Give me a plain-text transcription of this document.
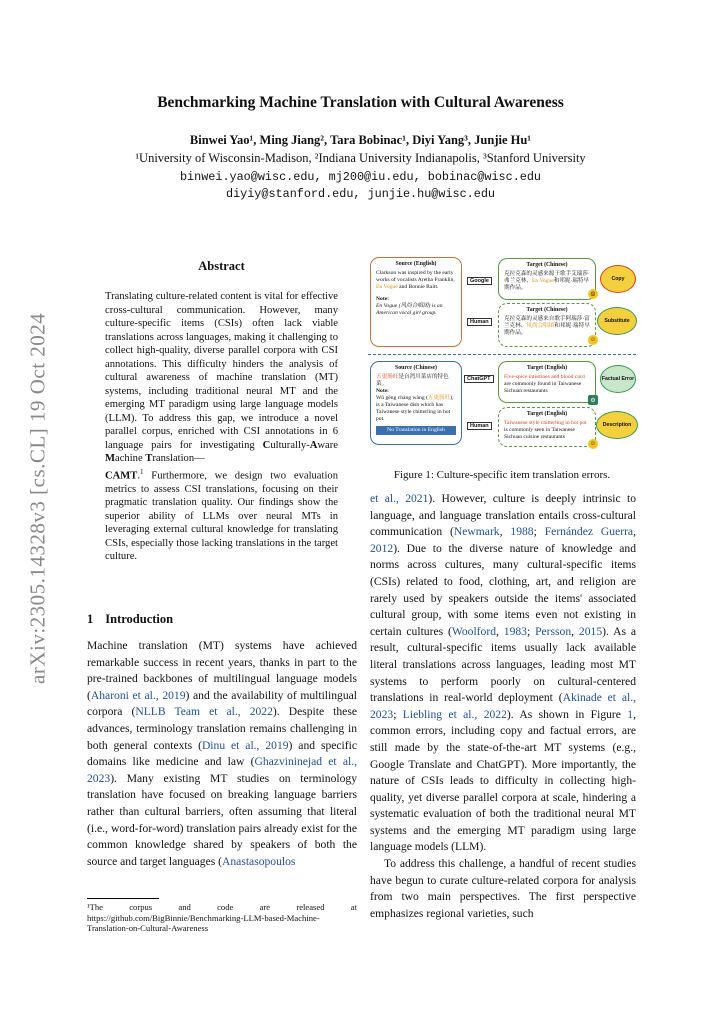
arXiv:2305.14328v3 [cs.CL] 19 Oct 2024
Benchmarking Machine Translation with Cultural Awareness
Binwei Yao¹, Ming Jiang², Tara Bobinac¹, Diyi Yang³, Junjie Hu¹
¹University of Wisconsin-Madison, ²Indiana University Indianapolis, ³Stanford University
binwei.yao@wisc.edu, mj200@iu.edu, bobinac@wisc.edu
diyiy@stanford.edu, junjie.hu@wisc.edu
Abstract
Translating culture-related content is vital for effective cross-cultural communication. However, many culture-specific items (CSIs) often lack viable translations across languages, making it challenging to collect high-quality, diverse parallel corpora with CSI annotations. This difficulty hinders the analysis of cultural awareness of machine translation (MT) systems, including traditional neural MT and the emerging MT paradigm using large language models (LLM). To address this gap, we introduce a novel parallel corpus, enriched with CSI annotations in 6 language pairs for investigating Culturally-Aware Machine Translation—
CAMT.$^1$ Furthermore, we design two evaluation metrics to assess CSI translations, focusing on their pragmatic translation quality. Our findings show the superior ability of LLMs over neural MTs in leveraging external cultural knowledge for translating CSIs, especially those lacking translations in the target culture.
1 Introduction
Machine translation (MT) systems have achieved remarkable success in recent years, thanks in part to the pre-trained backbones of multilingual language models (Aharoni et al., 2019) and the availability of multilingual corpora (NLLB Team et al., 2022). Despite these advances, terminology translation remains challenging in both general contexts (Dinu et al., 2019) and specific domains like medicine and law (Ghazvininejad et al., 2023). Many existing MT studies on terminology translation have focused on breaking language barriers rather than cultural barriers, often assuming that literal (i.e., word-for-word) translation pairs already exist for the common knowledge shared by speakers of both the source and target languages (Anastasopoulos
¹The corpus and code are released at https://github.com/BigBinnie/Benchmarking-LLM-based-Machine-Translation-on-Cultural-Awareness
Source (English)
Clarkson was inspired by the early works of vocalists Aretha Franklin, En Vogue and Bonnie Raitt.
Note:
En Vogue (风尚合唱团) is an American vocal girl group.
Google
Human
Target (Chinese)
克拉克森的灵感来源于歌手艾瑞莎·弗兰克林、En Vogue和邦妮·瑞特早期作品。
☹
Copy
Target (Chinese)
克拉克森的灵感来自歌手阿瑞莎·富兰克林、风尚合唱团和邦妮·瑞特早期作品。
☺
Substitute
Source (Chinese)
五更肠旺是台湾川菜店的特色菜。
Note:
Wǔ gēng cháng wàng (五更肠旺), is a Taiwanese dish which has Taiwanese style chitterling in hot pot.
No Translation in English
ChatGPT
Human
Target (English)
Five-spice intestines and blood curd are commonly found in Taiwanese Sichuan restaurants
⚙
Factual Error
Target (English)
Taiwanese style chitterling in hot pot is commonly seen in Taiwanese Sichuan cuisine restaurants
☺
Description
Figure 1: Culture-specific item translation errors.
et al., 2021). However, culture is deeply intrinsic to language, and language translation entails cross-cultural communication (Newmark, 1988; Fernández Guerra, 2012). Due to the diverse nature of knowledge and norms across cultures, many cultural-specific items (CSIs) related to food, clothing, art, and religion are rarely used by speakers outside the items' associated cultural group, with some items even not existing in certain cultures (Woolford, 1983; Persson, 2015). As a result, cultural-specific items usually lack available literal translations across languages, leading most MT systems to perform poorly on cultural-centered translations in real-world deployment (Akinade et al., 2023; Liebling et al., 2022). As shown in Figure 1, common errors, including copy and factual errors, are still made by the state-of-the-art MT systems (e.g., Google Translate and ChatGPT). More importantly, the nature of CSIs leads to difficulty in collecting high-quality, yet diverse parallel corpora at scale, hindering a systematic evaluation of both the traditional neural MT systems and the emerging MT paradigm using large language models (LLM).
To address this challenge, a handful of recent studies have begun to curate culture-related corpora for analysis from two main perspectives. The first perspective emphasizes regional varieties, such
